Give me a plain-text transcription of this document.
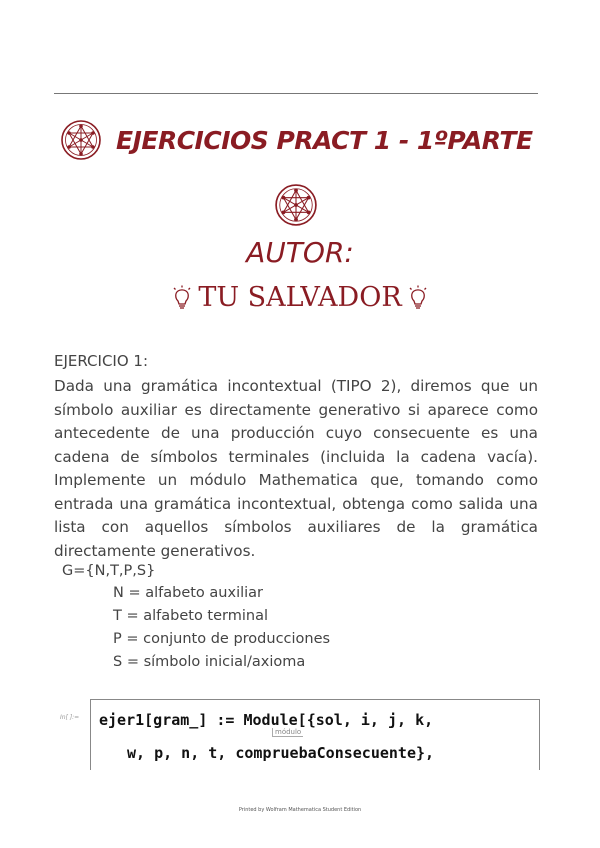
EJERCICIOS PRACT 1 - 1ºPARTE
AUTOR:
TU SALVADOR
EJERCICIO 1:
Dada una gramática incontextual (TIPO 2), diremos que un símbolo auxiliar es directamente generativo si aparece como antecedente de una producción cuyo consecuente es una cadena de símbolos terminales (incluida la cadena vacía). Implemente un módulo Mathematica que, tomando como entrada una gramática incontextual, obtenga como salida una lista con aquellos símbolos auxiliares de la gramática directamente generativos.
G={N,T,P,S}
N = alfabeto auxiliar
T = alfabeto terminal
P = conjunto de producciones
S = símbolo inicial/axioma
In[ ]:= ejer1[gram_] := Module[{sol, i, j, k,
módulo
w, p, n, t, compruebaConsecuente},
Printed by Wolfram Mathematica Student Edition
